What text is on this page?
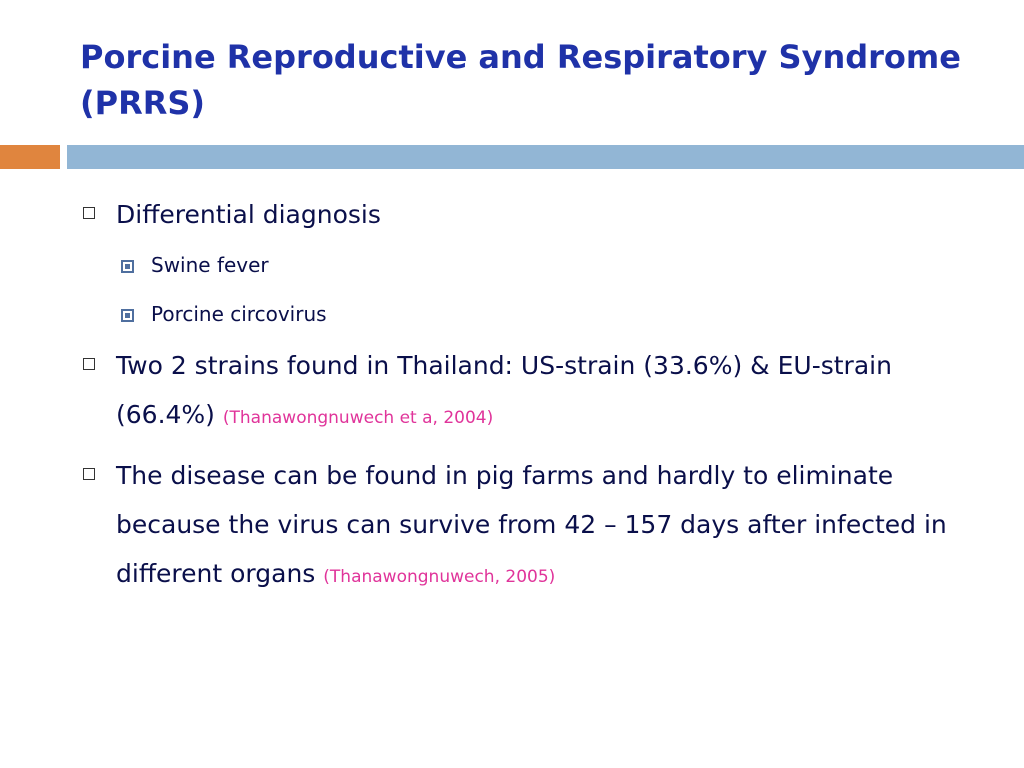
Porcine Reproductive and Respiratory Syndrome (PRRS)

Differential diagnosis

Swine fever

Porcine circovirus

Two 2 strains found in Thailand: US-strain (33.6%) & EU-strain (66.4%) (Thanawongnuwech et a, 2004)

The disease can be found in pig farms and hardly to eliminate because the virus can survive from 42 – 157 days after infected in different organs (Thanawongnuwech, 2005)
